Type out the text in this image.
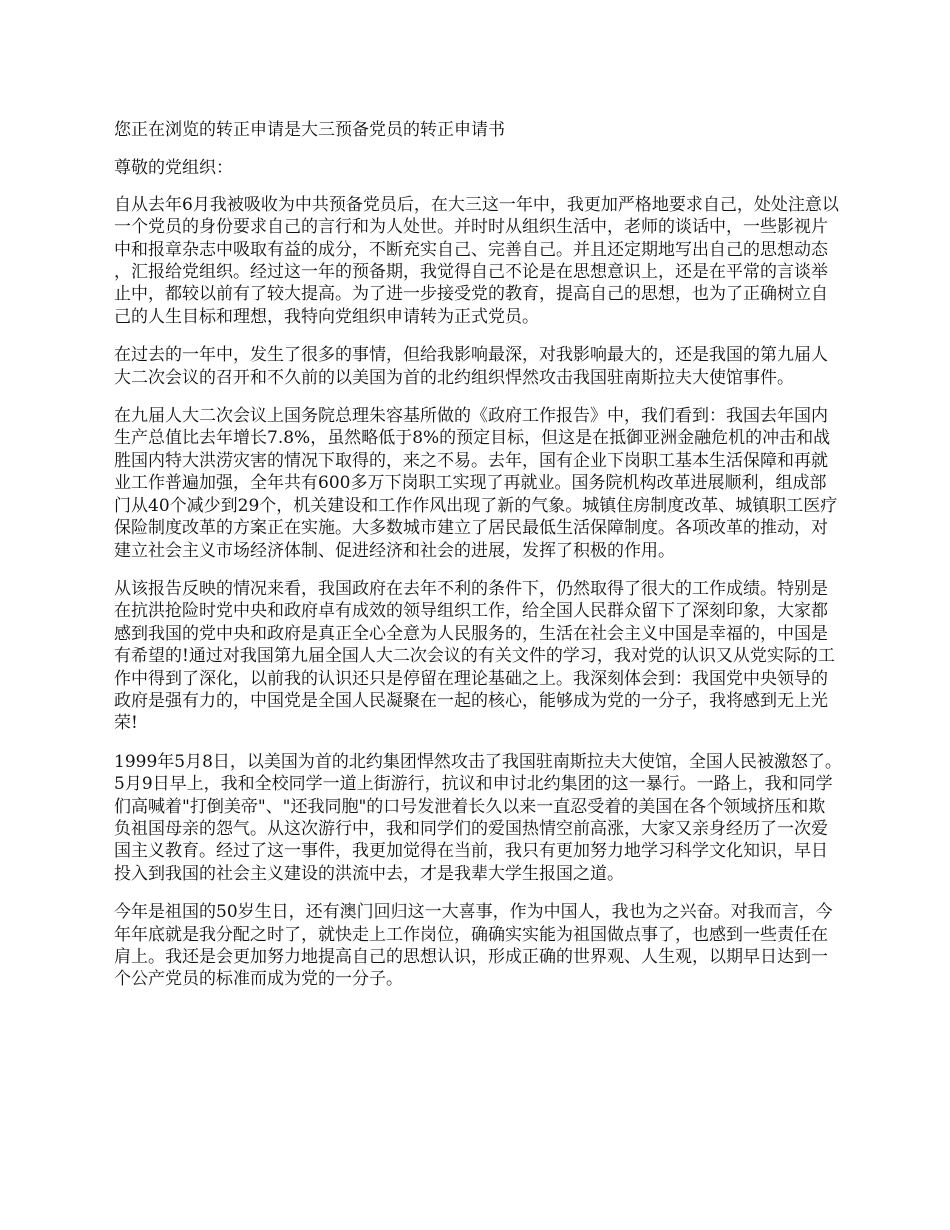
您正在浏览的转正申请是大三预备党员的转正申请书

尊敬的党组织：

自从去年6月我被吸收为中共预备党员后，在大三这一年中，我更加严格地要求自己，处处注意以一个党员的身份要求自己的言行和为人处世。并时时从组织生活中，老师的谈话中，一些影视片中和报章杂志中吸取有益的成分，不断充实自己、完善自己。并且还定期地写出自己的思想动态，汇报给党组织。经过这一年的预备期，我觉得自己不论是在思想意识上，还是在平常的言谈举止中，都较以前有了较大提高。为了进一步接受党的教育，提高自己的思想，也为了正确树立自己的人生目标和理想，我特向党组织申请转为正式党员。

在过去的一年中，发生了很多的事情，但给我影响最深，对我影响最大的，还是我国的第九届人大二次会议的召开和不久前的以美国为首的北约组织悍然攻击我国驻南斯拉夫大使馆事件。

在九届人大二次会议上国务院总理朱容基所做的《政府工作报告》中，我们看到：我国去年国内生产总值比去年增长7.8%，虽然略低于8%的预定目标，但这是在抵御亚洲金融危机的冲击和战胜国内特大洪涝灾害的情况下取得的，来之不易。去年，国有企业下岗职工基本生活保障和再就业工作普遍加强，全年共有600多万下岗职工实现了再就业。国务院机构改革进展顺利，组成部门从40个减少到29个，机关建设和工作作风出现了新的气象。城镇住房制度改革、城镇职工医疗保险制度改革的方案正在实施。大多数城市建立了居民最低生活保障制度。各项改革的推动，对建立社会主义市场经济体制、促进经济和社会的进展，发挥了积极的作用。

从该报告反映的情况来看，我国政府在去年不利的条件下，仍然取得了很大的工作成绩。特别是在抗洪抢险时党中央和政府卓有成效的领导组织工作，给全国人民群众留下了深刻印象，大家都感到我国的党中央和政府是真正全心全意为人民服务的，生活在社会主义中国是幸福的，中国是有希望的!通过对我国第九届全国人大二次会议的有关文件的学习，我对党的认识又从党实际的工作中得到了深化，以前我的认识还只是停留在理论基础之上。我深刻体会到：我国党中央领导的政府是强有力的，中国党是全国人民凝聚在一起的核心，能够成为党的一分子，我将感到无上光荣!

1999年5月8日，以美国为首的北约集团悍然攻击了我国驻南斯拉夫大使馆，全国人民被激怒了。5月9日早上，我和全校同学一道上街游行，抗议和申讨北约集团的这一暴行。一路上，我和同学们高喊着"打倒美帝"、"还我同胞"的口号发泄着长久以来一直忍受着的美国在各个领域挤压和欺负祖国母亲的怨气。从这次游行中，我和同学们的爱国热情空前高涨，大家又亲身经历了一次爱国主义教育。经过了这一事件，我更加觉得在当前，我只有更加努力地学习科学文化知识，早日投入到我国的社会主义建设的洪流中去，才是我辈大学生报国之道。

今年是祖国的50岁生日，还有澳门回归这一大喜事，作为中国人，我也为之兴奋。对我而言，今年年底就是我分配之时了，就快走上工作岗位，确确实实能为祖国做点事了，也感到一些责任在肩上。我还是会更加努力地提高自己的思想认识，形成正确的世界观、人生观，以期早日达到一个公产党员的标准而成为党的一分子。
